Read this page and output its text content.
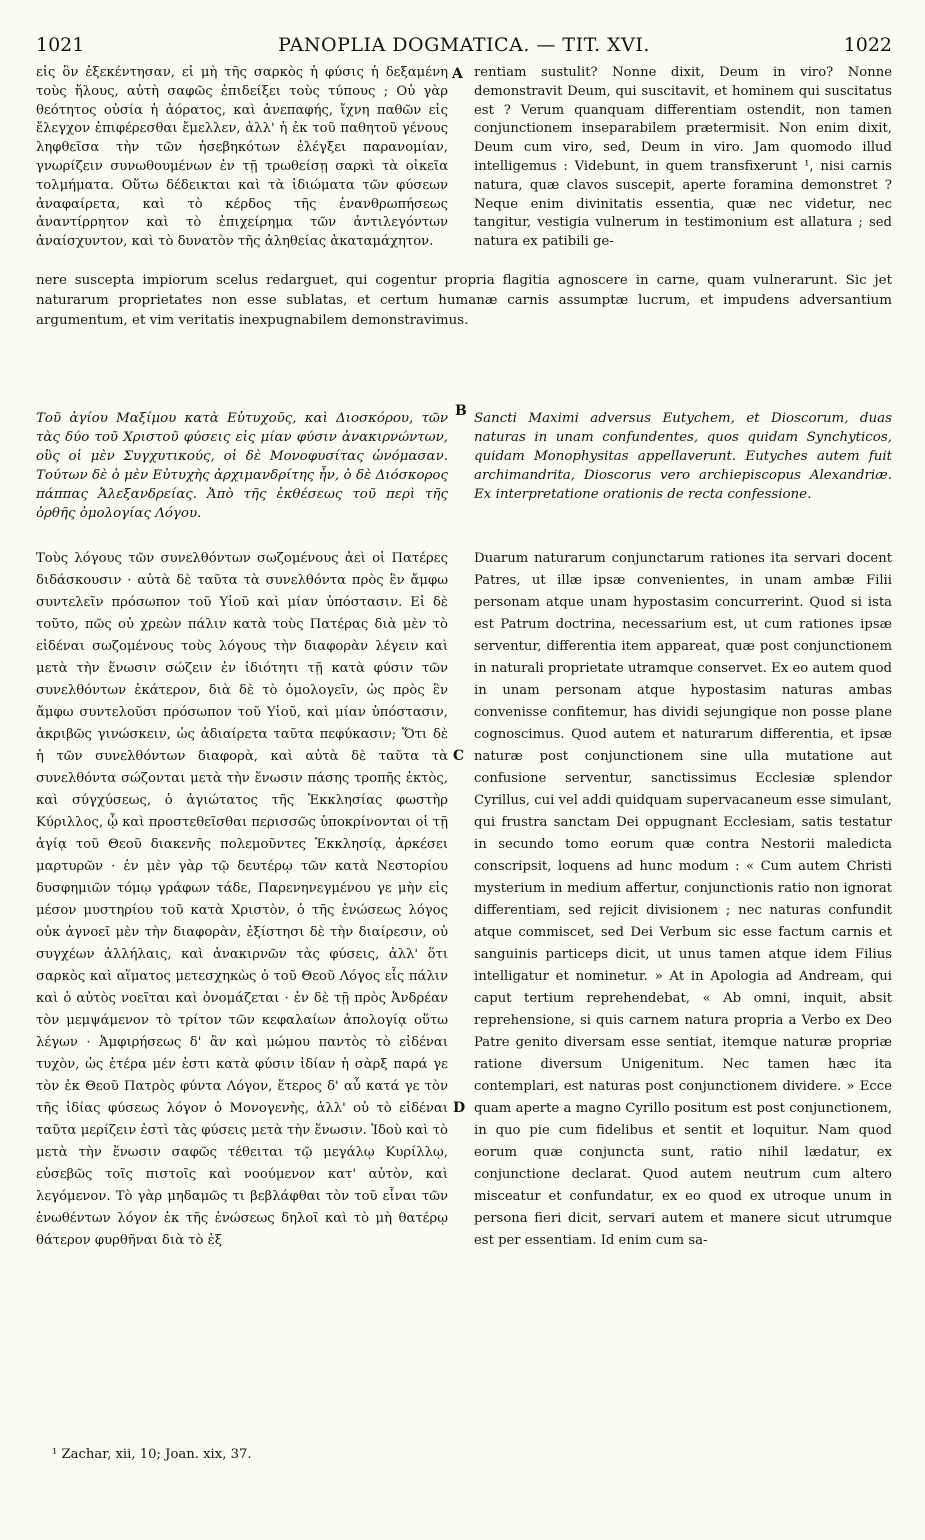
1021	PANOPLIA DOGMATICA. — TIT. XVI.	1022

εἰς ὃν ἐξεκέντησαν, εἰ μὴ τῆς σαρκὸς ἡ φύσις ἡ δεξαμένη τοὺς ἥλους, αὐτὴ σαφῶς ἐπιδείξει τοὺς τύπους ; Οὐ γὰρ θεότητος οὐσία ἡ ἀόρατος, καὶ ἀνεπαφής, ἴχνη παθῶν εἰς ἔλεγχον ἐπιφέρεσθαι ἔμελλεν, ἀλλ' ἡ ἐκ τοῦ παθητοῦ γένους ληφθεῖσα τὴν τῶν ἠσεβηκότων ἐλέγξει παρανομίαν, γνωρίζειν συνωθουμένων ἐν τῇ τρωθείσῃ σαρκὶ τὰ οἰκεῖα τολμήματα. Οὕτω δέδεικται καὶ τὰ ἰδιώματα τῶν φύσεων ἀναφαίρετα, καὶ τὸ κέρδος τῆς ἐνανθρωπήσεως ἀναντίρρητον καὶ τὸ ἐπιχείρημα τῶν ἀντιλεγόντων ἀναίσχυντον, καὶ τὸ δυνατὸν τῆς ἀληθείας ἀκαταμάχητον.

rentiam sustulit? Nonne dixit, Deum in viro? Nonne demonstravit Deum, qui suscitavit, et hominem qui suscitatus est ? Verum quanquam differentiam ostendit, non tamen conjunctionem inseparabilem prætermisit. Non enim dixit, Deum cum viro, sed, Deum in viro. Jam quomodo illud intelligemus : Videbunt, in quem transfixerunt ¹, nisi carnis natura, quæ clavos suscepit, aperte foramina demonstret ? Neque enim divinitatis essentia, quæ nec videtur, nec tangitur, vestigia vulnerum in testimonium est allatura ; sed natura ex patibili ge-

A

nere suscepta impiorum scelus redarguet, qui cogentur propria flagitia agnoscere in carne, quam vulnerarunt. Sic jet naturarum proprietates non esse sublatas, et certum humanæ carnis assumptæ lucrum, et impudens adversantium argumentum, et vim veritatis inexpugnabilem demonstravimus.

B

Τοῦ ἁγίου Μαξίμου κατὰ Εὐτυχοῦς, καὶ Διοσκόρου, τῶν τὰς δύο τοῦ Χριστοῦ φύσεις εἰς μίαν φύσιν ἀνακιρνώντων, οὓς οἱ μὲν Συγχυτικούς, οἱ δὲ Μονοφυσίτας ὠνόμασαν. Τούτων δὲ ὁ μὲν Εὐτυχὴς ἀρχιμανδρίτης ἦν, ὁ δὲ Διόσκορος πάππας Ἀλεξανδρείας. Ἀπὸ τῆς ἐκθέσεως τοῦ περὶ τῆς ὀρθῆς ὁμολογίας Λόγου.

Sancti Maximi adversus Eutychem, et Dioscorum, duas naturas in unam confundentes, quos quidam Synchyticos, quidam Monophysitas appellaverunt. Eutyches autem fuit archimandrita, Dioscorus vero archiepiscopus Alexandriæ. Ex interpretatione orationis de recta confessione.

Τοὺς λόγους τῶν συνελθόντων σωζομένους ἀεὶ οἱ Πατέρες διδάσκουσιν · αὐτὰ δὲ ταῦτα τὰ συνελθόντα πρὸς ἓν ἄμφω συντελεῖν πρόσωπον τοῦ Υἱοῦ καὶ μίαν ὑπόστασιν. Εἰ δὲ τοῦτο, πῶς οὐ χρεὼν πάλιν κατὰ τοὺς Πατέρας διὰ μὲν τὸ εἰδέναι σωζομένους τοὺς λόγους τὴν διαφορὰν λέγειν καὶ μετὰ τὴν ἕνωσιν σώζειν ἐν ἰδιότητι τῇ κατὰ φύσιν τῶν συνελθόντων ἑκάτερον, διὰ δὲ τὸ ὁμολογεῖν, ὡς πρὸς ἓν ἄμφω συντελοῦσι πρόσωπον τοῦ Υἱοῦ, καὶ μίαν ὑπόστασιν, ἀκριβῶς γινώσκειν, ὡς ἀδιαίρετα ταῦτα πεφύκασιν; Ὅτι δὲ ἡ τῶν συνελθόντων διαφορὰ, καὶ αὐτὰ δὲ ταῦτα τὰ συνελθόντα σώζονται μετὰ τὴν ἕνωσιν πάσης τροπῆς ἐκτὸς, καὶ σύγχύσεως, ὁ ἁγιώτατος τῆς Ἐκκλησίας φωστὴρ Κύριλλος, ᾧ καὶ προστεθεῖσθαι περισσῶς ὑποκρίνονται οἱ τῇ ἁγίᾳ τοῦ Θεοῦ διακενῆς πολεμοῦντες Ἐκκλησίᾳ, ἀρκέσει μαρτυρῶν · ἐν μὲν γὰρ τῷ δευτέρῳ τῶν κατὰ Νεστορίου δυσφημιῶν τόμῳ γράφων τάδε, Παρενηνεγμένου γε μὴν εἰς μέσον μυστηρίου τοῦ κατὰ Χριστὸν, ὁ τῆς ἑνώσεως λόγος οὐκ ἀγνοεῖ μὲν τὴν διαφορὰν, ἐξίστησι δὲ τὴν διαίρεσιν, οὐ συγχέων ἀλλήλαις, καὶ ἀνακιρνῶν τὰς φύσεις, ἀλλ' ὅτι σαρκὸς καὶ αἵματος μετεσχηκὼς ὁ τοῦ Θεοῦ Λόγος εἷς πάλιν καὶ ὁ αὐτὸς νοεῖται καὶ ὀνομάζεται · ἐν δὲ τῇ πρὸς Ἀνδρέαν τὸν μεμψάμενον τὸ τρίτον τῶν κεφαλαίων ἀπολογίᾳ οὕτω λέγων · Ἀμφιρήσεως δ' ἂν καὶ μώμου παντὸς τὸ εἰδέναι τυχὸν, ὡς ἑτέρα μέν ἐστι κατὰ φύσιν ἰδίαν ἡ σὰρξ παρά γε τὸν ἐκ Θεοῦ Πατρὸς φύντα Λόγον, ἕτερος δ' αὖ κατά γε τὸν τῆς ἰδίας φύσεως λόγον ὁ Μονογενὴς, ἀλλ' οὐ τὸ εἰδέναι ταῦτα μερίζειν ἐστὶ τὰς φύσεις μετὰ τὴν ἕνωσιν. Ἰδοὺ καὶ τὸ μετὰ τὴν ἕνωσιν σαφῶς τέθειται τῷ μεγάλῳ Κυρίλλῳ, εὐσεβῶς τοῖς πιστοῖς καὶ νοούμενον κατ' αὐτὸν, καὶ λεγόμενον. Τὸ γὰρ μηδαμῶς τι βεβλάφθαι τὸν τοῦ εἶναι τῶν ἑνωθέντων λόγον ἐκ τῆς ἑνώσεως δηλοῖ καὶ τὸ μὴ θατέρῳ θάτερον φυρθῆναι διὰ τὸ ἐξ

C
D

Duarum naturarum conjunctarum rationes ita servari docent Patres, ut illæ ipsæ convenientes, in unam ambæ Filii personam atque unam hypostasim concurrerint. Quod si ista est Patrum doctrina, necessarium est, ut cum rationes ipsæ serventur, differentia item appareat, quæ post conjunctionem in naturali proprietate utramque conservet. Ex eo autem quod in unam personam atque hypostasim naturas ambas convenisse confitemur, has dividi sejungique non posse plane cognoscimus. Quod autem et naturarum differentia, et ipsæ naturæ post conjunctionem sine ulla mutatione aut confusione serventur, sanctissimus Ecclesiæ splendor Cyrillus, cui vel addi quidquam supervacaneum esse simulant, qui frustra sanctam Dei oppugnant Ecclesiam, satis testatur in secundo tomo eorum quæ contra Nestorii maledicta conscripsit, loquens ad hunc modum : « Cum autem Christi mysterium in medium affertur, conjunctionis ratio non ignorat differentiam, sed rejicit divisionem ; nec naturas confundit atque commiscet, sed Dei Verbum sic esse factum carnis et sanguinis particeps dicit, ut unus tamen atque idem Filius intelligatur et nominetur. » At in Apologia ad Andream, qui caput tertium reprehendebat, « Ab omni, inquit, absit reprehensione, si quis carnem natura propria a Verbo ex Deo Patre genito diversam esse sentiat, itemque naturæ propriæ ratione diversum Unigenitum. Nec tamen hæc ita contemplari, est naturas post conjunctionem dividere. » Ecce quam aperte a magno Cyrillo positum est post conjunctionem, in quo pie cum fidelibus et sentit et loquitur. Nam quod eorum quæ conjuncta sunt, ratio nihil lædatur, ex conjunctione declarat. Quod autem neutrum cum altero misceatur et confundatur, ex eo quod ex utroque unum in persona fieri dicit, servari autem et manere sicut utrumque est per essentiam. Id enim cum sa-

¹ Zachar, xii, 10; Joan. xix, 37.
